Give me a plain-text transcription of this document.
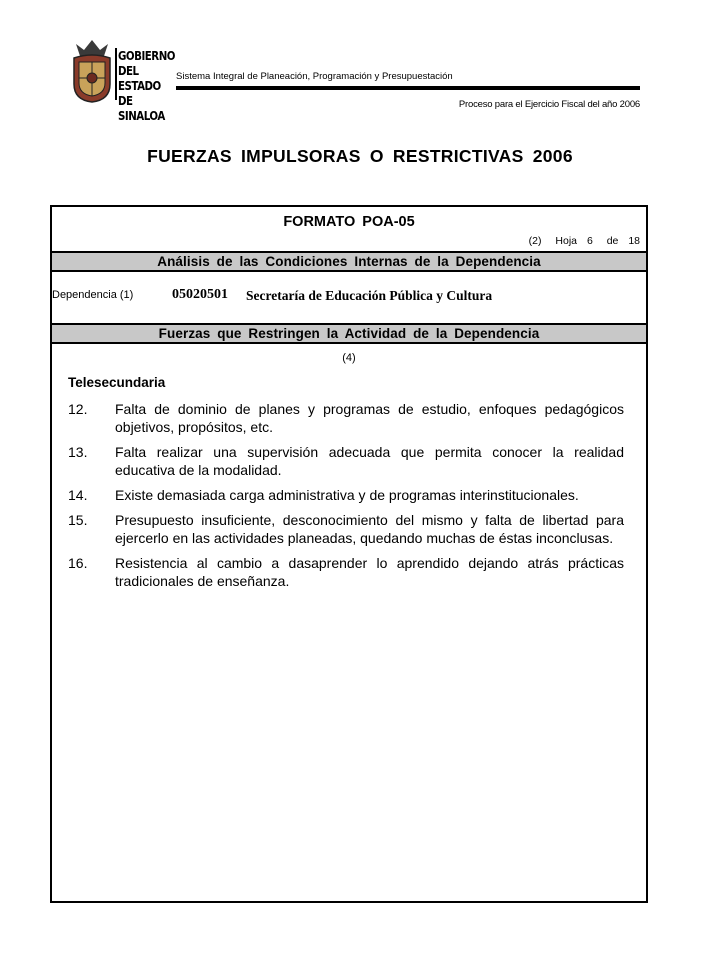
GOBIERNO
DEL ESTADO
DE SINALOA
Sistema Integral de Planeación, Programación y Presupuestación
Proceso para el Ejercicio Fiscal del año 2006
FUERZAS IMPULSORAS O RESTRICTIVAS 2006
FORMATO POA-05
(2) Hoja 6 de 18
Análisis de las Condiciones Internas de la Dependencia
Dependencia (1)	05020501 Secretaría de Educación Pública y Cultura
Fuerzas que Restringen la Actividad de la Dependencia
(4)
Telesecundaria
12.	Falta de dominio de planes y programas de estudio, enfoques pedagógicos objetivos, propósitos, etc.
13.	Falta realizar una supervisión adecuada que permita conocer la realidad educativa de la modalidad.
14.	Existe demasiada carga administrativa y de programas interinstitucionales.
15.	Presupuesto insuficiente, desconocimiento del mismo y falta de libertad para ejercerlo en las actividades planeadas, quedando muchas de éstas inconclusas.
16.	Resistencia al cambio a dasaprender lo aprendido dejando atrás prácticas tradicionales de enseñanza.
